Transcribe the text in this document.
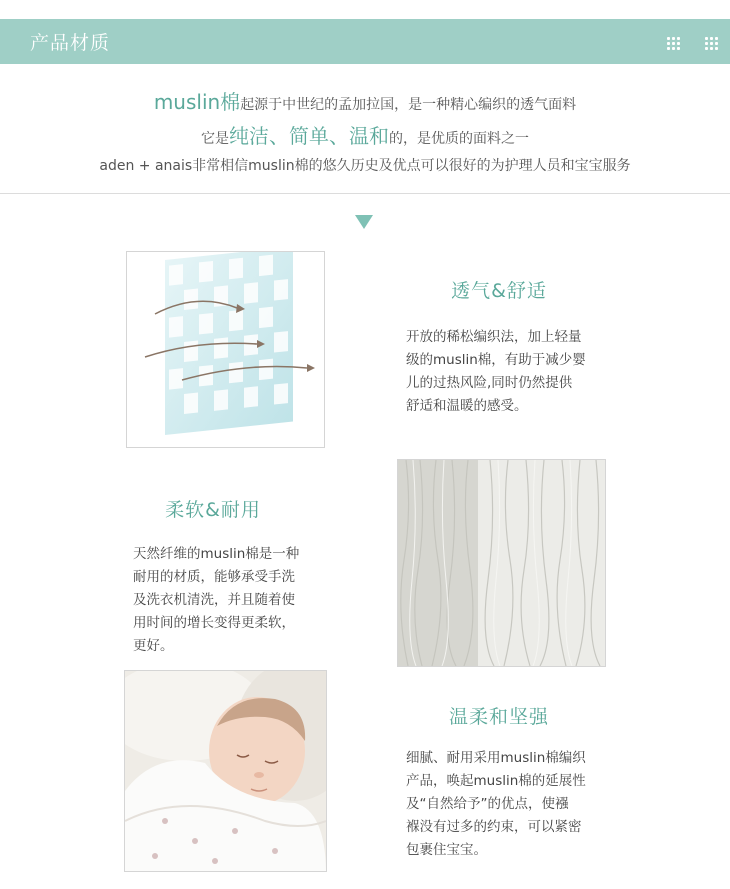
产品材质
muslin棉起源于中世纪的孟加拉国，是一种精心编织的透气面料
它是纯洁、简单、温和的，是优质的面料之一
aden + anais非常相信muslin棉的悠久历史及优点可以很好的为护理人员和宝宝服务
透气&舒适
开放的稀松编织法，加上轻量
级的muslin棉，有助于减少婴
儿的过热风险,同时仍然提供
舒适和温暖的感受。
柔软&耐用
天然纤维的muslin棉是一种
耐用的材质，能够承受手洗
及洗衣机清洗，并且随着使
用时间的增长变得更柔软，
更好。
温柔和坚强
细腻、耐用采用muslin棉编织
产品，唤起muslin棉的延展性
及“自然给予”的优点，使襁
褓没有过多的约束，可以紧密
包裹住宝宝。
